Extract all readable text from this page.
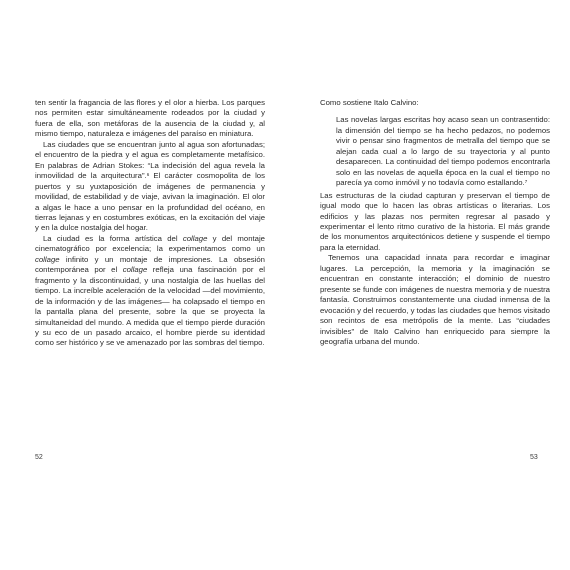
ten sentir la fragancia de las flores y el olor a hierba. Los parques nos permiten estar simultáneamente rodeados por la ciudad y fuera de ella, son metáforas de la ausencia de la ciudad y, al mismo tiempo, naturaleza e imágenes del paraíso en miniatura.

Las ciudades que se encuentran junto al agua son afortunadas; el encuentro de la piedra y el agua es completamente metafísico. En palabras de Adrian Stokes: “La indecisión del agua revela la inmovilidad de la arquitectura”.$^6$ El carácter cosmopolita de los puertos y su yuxtaposición de imágenes de permanencia y movilidad, de estabilidad y de viaje, avivan la imaginación. El olor a algas le hace a uno pensar en la profundidad del océano, en tierras lejanas y en costumbres exóticas, en la excitación del viaje y en la dulce nostalgia del hogar.

La ciudad es la forma artística del collage y del montaje cinematográfico por excelencia; la experimentamos como un collage infinito y un montaje de impresiones. La obsesión contemporánea por el collage refleja una fascinación por el fragmento y la discontinuidad, y una nostalgia de las huellas del tiempo. La increíble aceleración de la velocidad —del movimiento, de la información y de las imágenes— ha colapsado el tiempo en la pantalla plana del presente, sobre la que se proyecta la simultaneidad del mundo. A medida que el tiempo pierde duración y su eco de un pasado arcaico, el hombre pierde su identidad como ser histórico y se ve amenazado por las sombras del tiempo.

52

Como sostiene Italo Calvino:

Las novelas largas escritas hoy acaso sean un contrasentido: la dimensión del tiempo se ha hecho pedazos, no podemos vivir o pensar sino fragmentos de metralla del tiempo que se alejan cada cual a lo largo de su trayectoria y al punto desaparecen. La continuidad del tiempo podemos encontrarla solo en las novelas de aquella época en la cual el tiempo no parecía ya como inmóvil y no todavía como estallando.$^7$

Las estructuras de la ciudad capturan y preservan el tiempo de igual modo que lo hacen las obras artísticas o literarias. Los edificios y las plazas nos permiten regresar al pasado y experimentar el lento ritmo curativo de la historia. El más grande de los monumentos arquitectónicos detiene y suspende el tiempo para la eternidad.

Tenemos una capacidad innata para recordar e imaginar lugares. La percepción, la memoria y la imaginación se encuentran en constante interacción; el dominio de nuestro presente se funde con imágenes de nuestra memoria y de nuestra fantasía. Construimos constantemente una ciudad inmensa de la evocación y del recuerdo, y todas las ciudades que hemos visitado son recintos de esa metrópolis de la mente. Las “ciudades invisibles” de Italo Calvino han enriquecido para siempre la geografía urbana del mundo.

53
